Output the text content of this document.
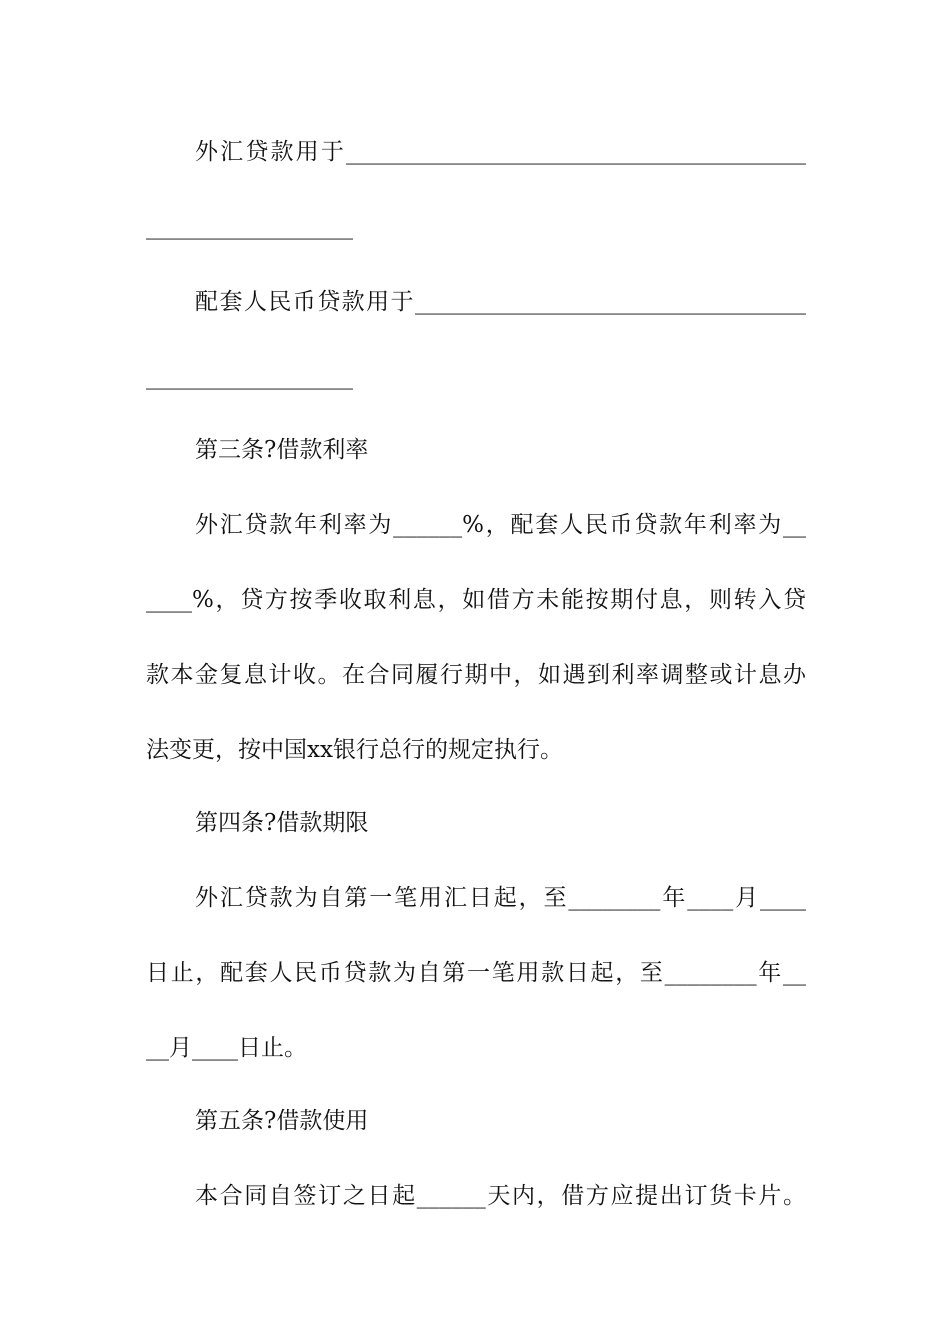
外汇贷款用于________________________________________
__________________
配套人民币贷款用于__________________________________
__________________
第三条?借款利率
外汇贷款年利率为______%，配套人民币贷款年利率为__
____%，贷方按季收取利息，如借方未能按期付息，则转入贷
款本金复息计收。在合同履行期中，如遇到利率调整或计息办
法变更，按中国xx银行总行的规定执行。
第四条?借款期限
外汇贷款为自第一笔用汇日起，至________年____月____
日止，配套人民币贷款为自第一笔用款日起，至________年__
__月____日止。
第五条?借款使用
本合同自签订之日起______天内，借方应提出订货卡片。
